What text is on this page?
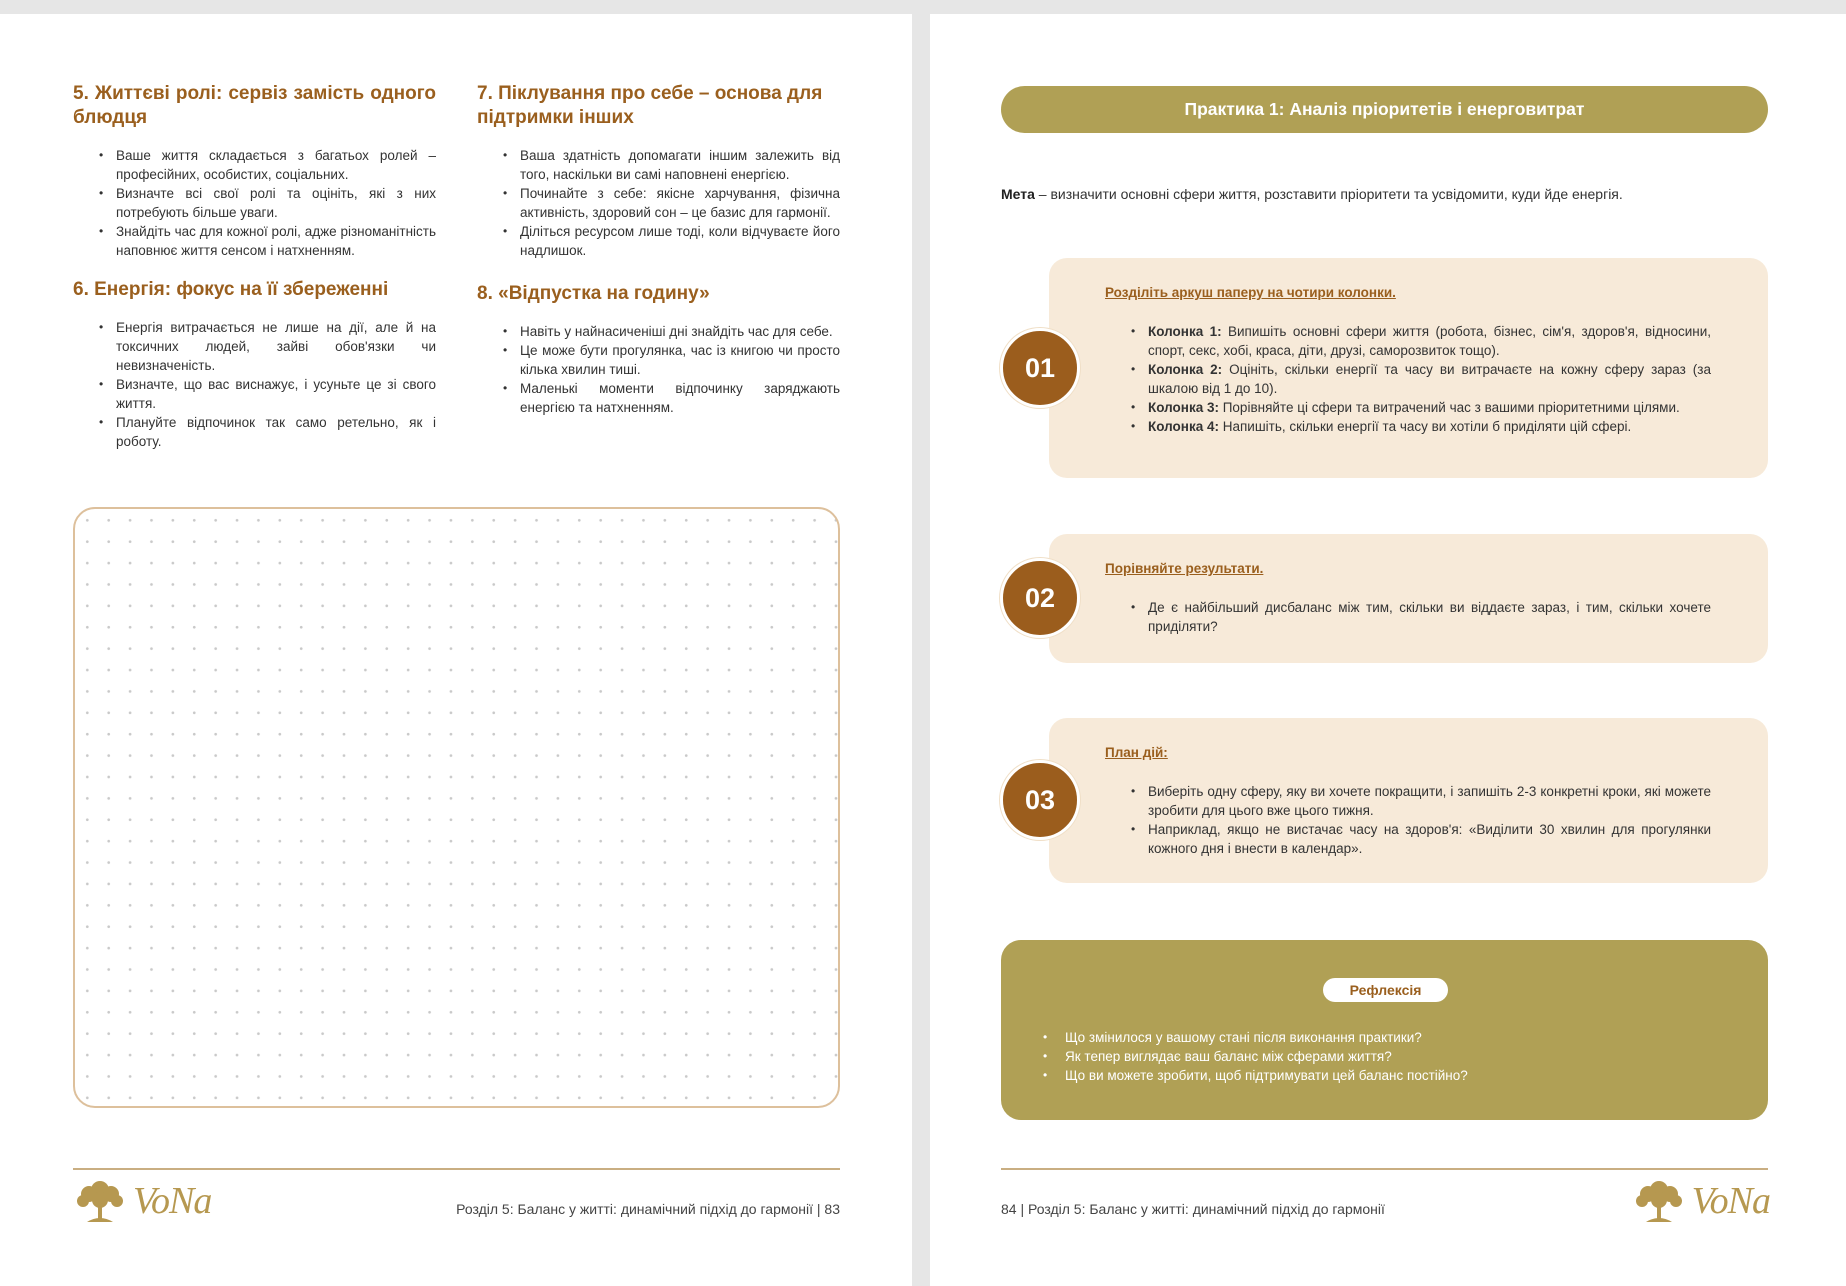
5. Життєві ролі: сервіз замість одного блюдця
• Ваше життя складається з багатьох ролей – професійних, особистих, соціальних.
• Визначте всі свої ролі та оцініть, які з них потребують більше уваги.
• Знайдіть час для кожної ролі, адже різноманітність наповнює життя сенсом і натхненням.
6. Енергія: фокус на її збереженні
• Енергія витрачається не лише на дії, але й на токсичних людей, зайві обов'язки чи невизначеність.
• Визначте, що вас виснажує, і усуньте це зі свого життя.
• Плануйте відпочинок так само ретельно, як і роботу.
7. Піклування про себе – основа для підтримки інших
• Ваша здатність допомагати іншим залежить від того, наскільки ви самі наповнені енергією.
• Починайте з себе: якісне харчування, фізична активність, здоровий сон – це базис для гармонії.
• Діліться ресурсом лише тоді, коли відчуваєте його надлишок.
8. «Відпустка на годину»
• Навіть у найнасиченіші дні знайдіть час для себе.
• Це може бути прогулянка, час із книгою чи просто кілька хвилин тиші.
• Маленькі моменти відпочинку заряджають енергією та натхненням.
VoNa	Розділ 5: Баланс у житті: динамічний підхід до гармонії | 83
Практика 1: Аналіз пріоритетів і енерговитрат
Мета – визначити основні сфери життя, розставити пріоритети та усвідомити, куди йде енергія.
Розділіть аркуш паперу на чотири колонки.
• Колонка 1: Випишіть основні сфери життя (робота, бізнес, сім'я, здоров'я, відносини, спорт, секс, хобі, краса, діти, друзі, саморозвиток тощо).
• Колонка 2: Оцініть, скільки енергії та часу ви витрачаєте на кожну сферу зараз (за шкалою від 1 до 10).
• Колонка 3: Порівняйте ці сфери та витрачений час з вашими пріоритетними цілями.
• Колонка 4: Напишіть, скільки енергії та часу ви хотіли б приділяти цій сфері.
01
Порівняйте результати.
• Де є найбільший дисбаланс між тим, скільки ви віддаєте зараз, і тим, скільки хочете приділяти?
02
План дій:
• Виберіть одну сферу, яку ви хочете покращити, і запишіть 2-3 конкретні кроки, які можете зробити для цього вже цього тижня.
• Наприклад, якщо не вистачає часу на здоров'я: «Виділити 30 хвилин для прогулянки кожного дня і внести в календар».
03
Рефлексія
• Що змінилося у вашому стані після виконання практики?
• Як тепер виглядає ваш баланс між сферами життя?
• Що ви можете зробити, щоб підтримувати цей баланс постійно?
84 | Розділ 5: Баланс у житті: динамічний підхід до гармонії	VoNa
